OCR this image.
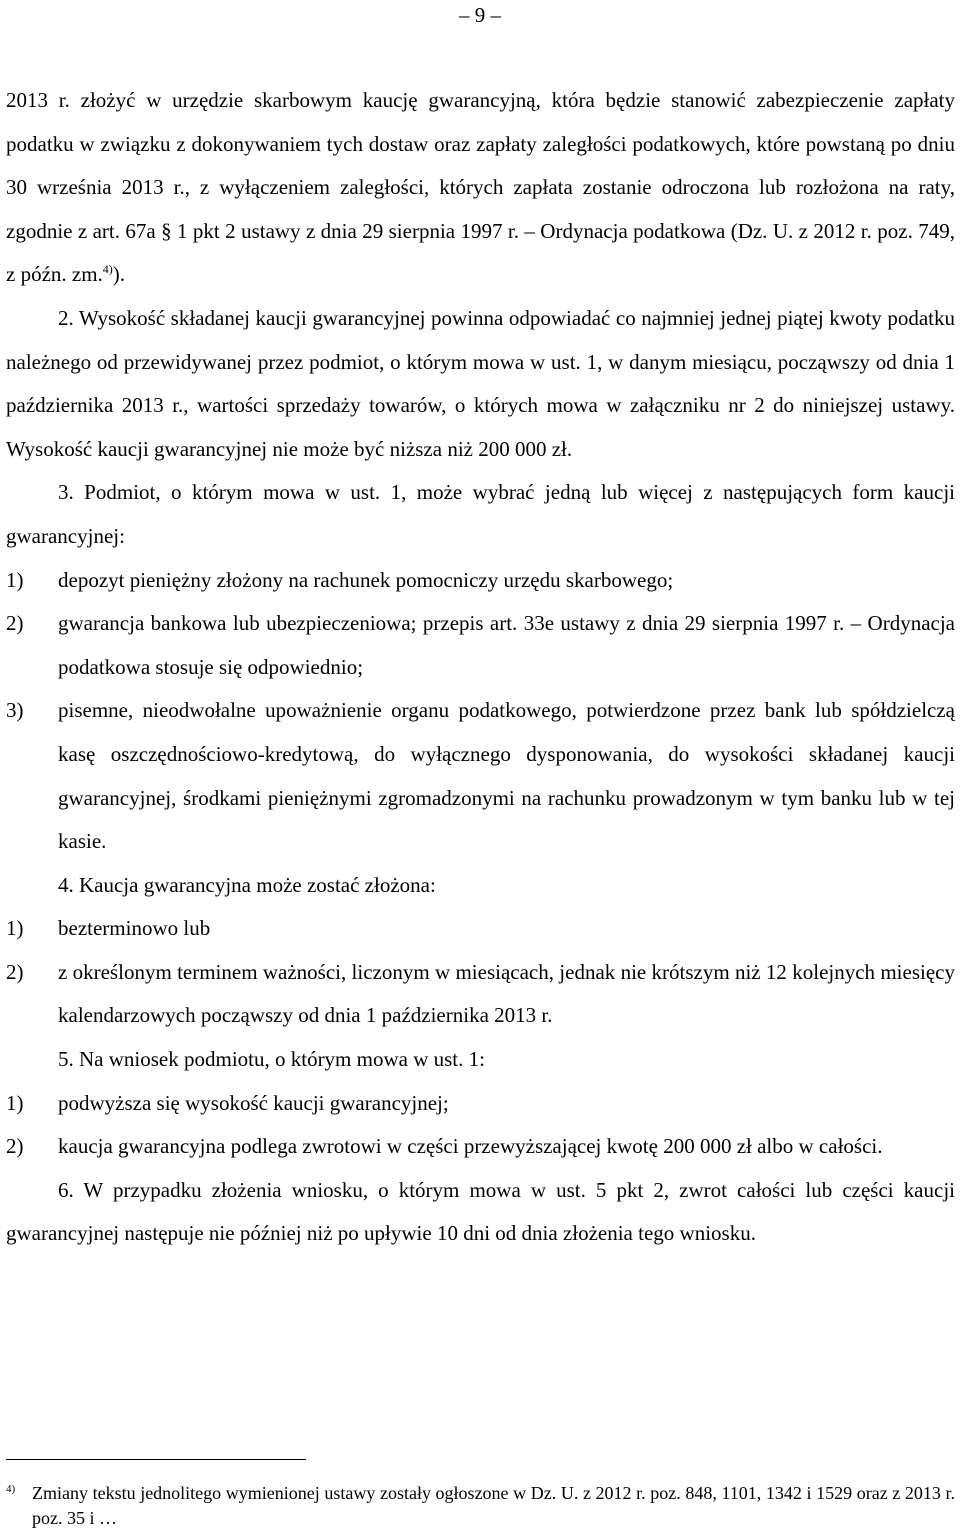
– 9 –

2013 r. złożyć w urzędzie skarbowym kaucję gwarancyjną, która będzie stanowić zabezpieczenie zapłaty podatku w związku z dokonywaniem tych dostaw oraz zapłaty zaległości podatkowych, które powstaną po dniu 30 września 2013 r., z wyłączeniem zaległości, których zapłata zostanie odroczona lub rozłożona na raty, zgodnie z art. 67a § 1 pkt 2 ustawy z dnia 29 sierpnia 1997 r. – Ordynacja podatkowa (Dz. U. z 2012 r. poz. 749, z późn. zm.$^{4)}$).

2. Wysokość składanej kaucji gwarancyjnej powinna odpowiadać co najmniej jednej piątej kwoty podatku należnego od przewidywanej przez podmiot, o którym mowa w ust. 1, w danym miesiącu, począwszy od dnia 1 października 2013 r., wartości sprzedaży towarów, o których mowa w załączniku nr 2 do niniejszej ustawy. Wysokość kaucji gwarancyjnej nie może być niższa niż 200 000 zł.

3. Podmiot, o którym mowa w ust. 1, może wybrać jedną lub więcej z następujących form kaucji gwarancyjnej:

1)	depozyt pieniężny złożony na rachunek pomocniczy urzędu skarbowego;
2)	gwarancja bankowa lub ubezpieczeniowa; przepis art. 33e ustawy z dnia 29 sierpnia 1997 r. – Ordynacja podatkowa stosuje się odpowiednio;
3)	pisemne, nieodwołalne upoważnienie organu podatkowego, potwierdzone przez bank lub spółdzielczą kasę oszczędnościowo-kredytową, do wyłącznego dysponowania, do wysokości składanej kaucji gwarancyjnej, środkami pieniężnymi zgromadzonymi na rachunku prowadzonym w tym banku lub w tej kasie.

4. Kaucja gwarancyjna może zostać złożona:

1)	bezterminowo lub
2)	z określonym terminem ważności, liczonym w miesiącach, jednak nie krótszym niż 12 kolejnych miesięcy kalendarzowych począwszy od dnia 1 października 2013 r.

5. Na wniosek podmiotu, o którym mowa w ust. 1:

1)	podwyższa się wysokość kaucji gwarancyjnej;
2)	kaucja gwarancyjna podlega zwrotowi w części przewyższającej kwotę 200 000 zł albo w całości.

6. W przypadku złożenia wniosku, o którym mowa w ust. 5 pkt 2, zwrot całości lub części kaucji gwarancyjnej następuje nie później niż po upływie 10 dni od dnia złożenia tego wniosku.

4) Zmiany tekstu jednolitego wymienionej ustawy zostały ogłoszone w Dz. U. z 2012 r. poz. 848, 1101, 1342 i 1529 oraz z 2013 r. poz. 35 i …
